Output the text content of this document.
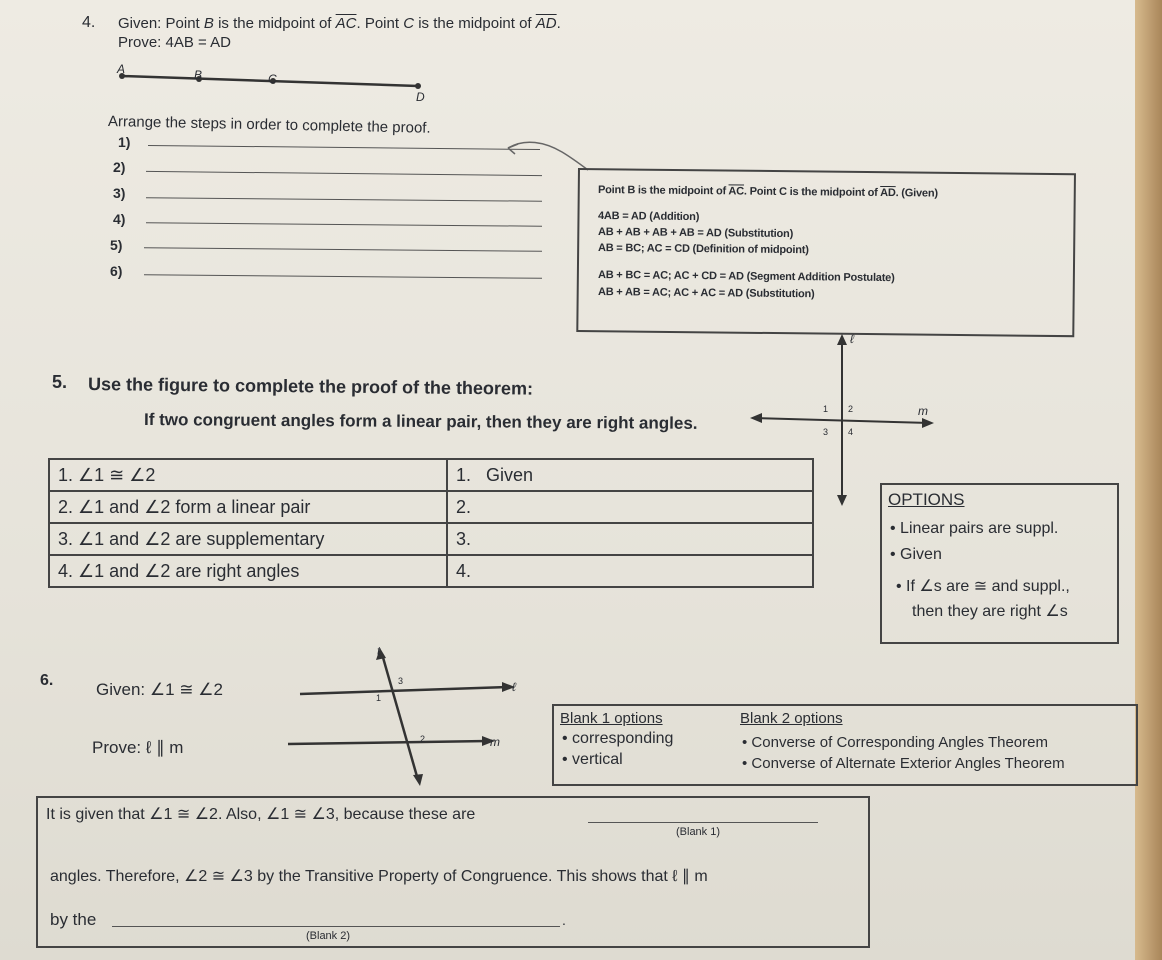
4. Given: Point B is the midpoint of $\overline{AC}$. Point C is the midpoint of $\overline{AD}$.
Prove: 4AB = AD
A	B	C
D
Arrange the steps in order to complete the proof.
1)
2)
3)
4)
5)
6)
Point B is the midpoint of $\overline{AC}$. Point C is the midpoint of $\overline{AD}$. (Given)
4AB = AD (Addition)
AB + AB + AB + AB = AD (Substitution)
AB = BC; AC = CD (Definition of midpoint)
AB + BC = AC; AC + CD = AD (Segment Addition Postulate)
AB + AB = AC; AC + AC = AD (Substitution)
5. Use the figure to complete the proof of the theorem:
If two congruent angles form a linear pair, then they are right angles.
ℓ
m
1 2
3 4
1. ∠1 ≅ ∠2	1. Given
2. ∠1 and ∠2 form a linear pair	2.
3. ∠1 and ∠2 are supplementary	3.
4. ∠1 and ∠2 are right angles	4.
OPTIONS
• Linear pairs are suppl.
• Given
• If ∠s are ≅ and suppl.,
then they are right ∠s
6.	Given: ∠1 ≅ ∠2
Prove: ℓ ∥ m
t
ℓ
m
1
2
3
Blank 1 options
• corresponding
• vertical
Blank 2 options
• Converse of Corresponding Angles Theorem
• Converse of Alternate Exterior Angles Theorem
It is given that ∠1 ≅ ∠2. Also, ∠1 ≅ ∠3, because these are
(Blank 1)
angles. Therefore, ∠2 ≅ ∠3 by the Transitive Property of Congruence. This shows that ℓ ∥ m
by the	.
(Blank 2)
